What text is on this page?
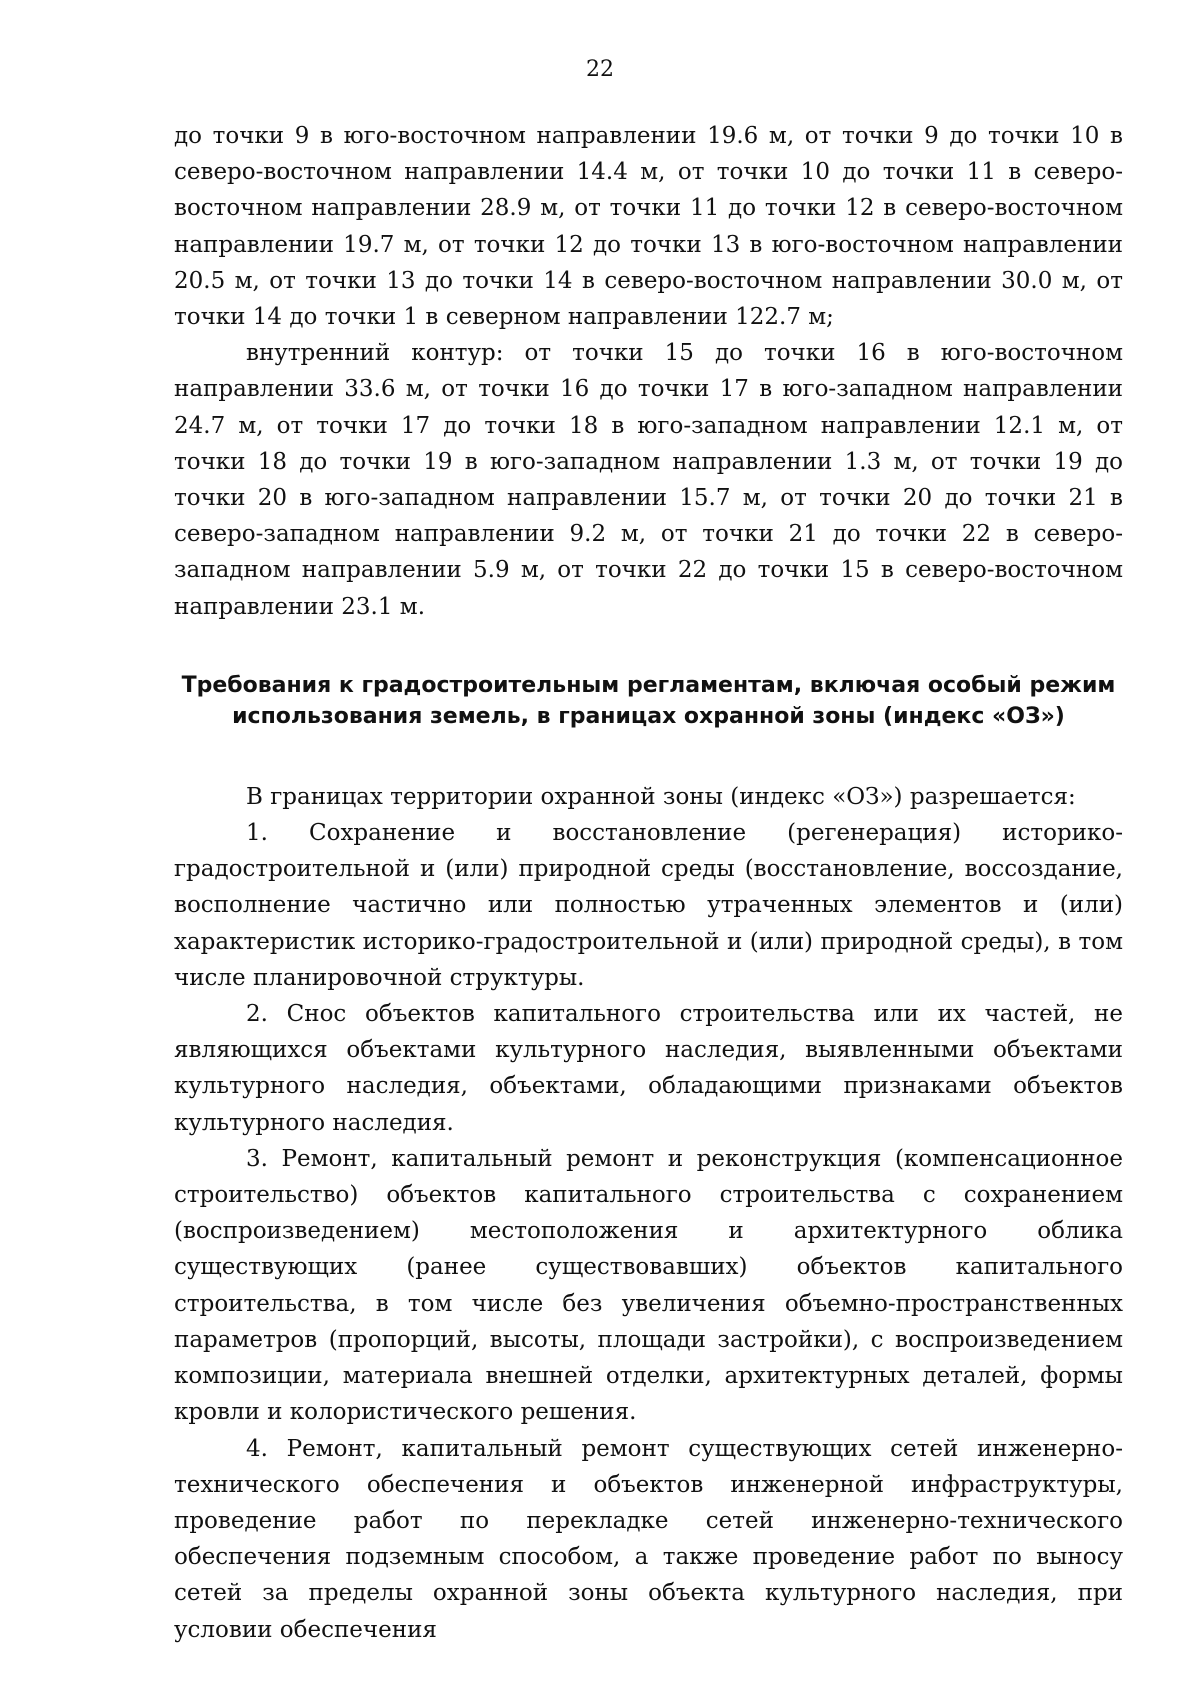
22

до точки 9 в юго-восточном направлении 19.6 м, от точки 9 до точки 10 в северо-восточном направлении 14.4 м, от точки 10 до точки 11 в северо-восточном направлении 28.9 м, от точки 11 до точки 12 в северо-восточном направлении 19.7 м, от точки 12 до точки 13 в юго-восточном направлении 20.5 м, от точки 13 до точки 14 в северо-восточном направлении 30.0 м, от точки 14 до точки 1 в северном направлении 122.7 м;

внутренний контур: от точки 15 до точки 16 в юго-восточном направлении 33.6 м, от точки 16 до точки 17 в юго-западном направлении 24.7 м, от точки 17 до точки 18 в юго-западном направлении 12.1 м, от точки 18 до точки 19 в юго-западном направлении 1.3 м, от точки 19 до точки 20 в юго-западном направлении 15.7 м, от точки 20 до точки 21 в северо-западном направлении 9.2 м, от точки 21 до точки 22 в северо-западном направлении 5.9 м, от точки 22 до точки 15 в северо-восточном направлении 23.1 м.

Требования к градостроительным регламентам, включая особый режим использования земель, в границах охранной зоны (индекс «ОЗ»)

В границах территории охранной зоны (индекс «ОЗ») разрешается:

1. Сохранение и восстановление (регенерация) историко-градостроительной и (или) природной среды (восстановление, воссоздание, восполнение частично или полностью утраченных элементов и (или) характеристик историко-градостроительной и (или) природной среды), в том числе планировочной структуры.

2. Снос объектов капитального строительства или их частей, не являющихся объектами культурного наследия, выявленными объектами культурного наследия, объектами, обладающими признаками объектов культурного наследия.

3. Ремонт, капитальный ремонт и реконструкция (компенсационное строительство) объектов капитального строительства с сохранением (воспроизведением) местоположения и архитектурного облика существующих (ранее существовавших) объектов капитального строительства, в том числе без увеличения объемно-пространственных параметров (пропорций, высоты, площади застройки), с воспроизведением композиции, материала внешней отделки, архитектурных деталей, формы кровли и колористического решения.

4. Ремонт, капитальный ремонт существующих сетей инженерно-технического обеспечения и объектов инженерной инфраструктуры, проведение работ по перекладке сетей инженерно-технического обеспечения подземным способом, а также проведение работ по выносу сетей за пределы охранной зоны объекта культурного наследия, при условии обеспечения
